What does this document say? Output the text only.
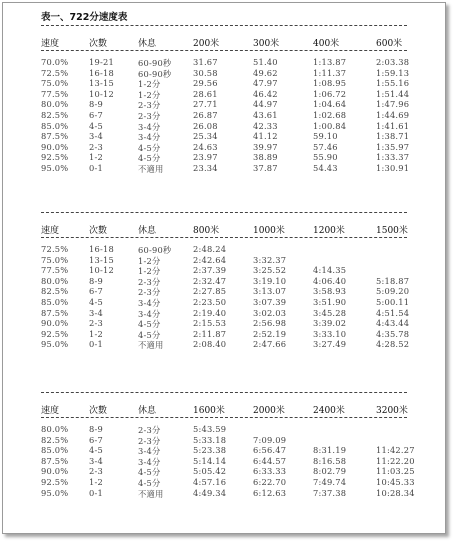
表一、722分速度表
速度	次數	休息	200米	300米	400米	600米
70.0% 19-21	60-90秒	31.67	51.40	1:13.87	2:03.38
72.5% 16-18	60-90秒	30.58	49.62	1:11.37	1:59.13
75.0% 13-15	1-2分	29.56	47.97	1:08.95	1:55.16
77.5% 10-12	1-2分	28.61	46.42	1:06.72	1:51.44
80.0% 8-9	2-3分	27.71	44.97	1:04.64	1:47.96
82.5% 6-7	2-3分	26.87	43.61	1:02.68	1:44.69
85.0% 4-5	3-4分	26.08	42.33	1:00.84	1:41.61
87.5% 3-4	3-4分	25.34	41.12	59.10	1:38.71
90.0% 2-3	4-5分	24.63	39.97	57.46	1:35.97
92.5% 1-2	4-5分	23.97	38.89	55.90	1:33.37
95.0% 0-1	不適用	23.34	37.87	54.43	1:30.91
速度	次數	休息	800米	1000米	1200米	1500米
72.5% 16-18	60-90秒	2:48.24
75.0% 13-15	1-2分	2:42.64	3:32.37
77.5% 10-12	1-2分	2:37.39	3:25.52	4:14.35
80.0% 8-9	2-3分	2:32.47	3:19.10	4:06.40	5:18.87
82.5% 6-7	2-3分	2:27.85	3:13.07	3:58.93	5:09.20
85.0% 4-5	3-4分	2:23.50	3:07.39	3:51.90	5:00.11
87.5% 3-4	3-4分	2:19.40	3:02.03	3:45.28	4:51.54
90.0% 2-3	4-5分	2:15.53	2:56.98	3:39.02	4:43.44
92.5% 1-2	4-5分	2:11.87	2:52.19	3:33.10	4:35.78
95.0% 0-1	不適用	2:08.40	2:47.66	3:27.49	4:28.52
速度	次數	休息	1600米	2000米	2400米	3200米
80.0% 8-9	2-3分	5:43.59
82.5% 6-7	2-3分	5:33.18	7:09.09
85.0% 4-5	3-4分	5:23.38	6:56.47	8:31.19	11:42.27
87.5% 3-4	3-4分	5:14.14	6:44.57	8:16.58	11:22.20
90.0% 2-3	4-5分	5:05.42	6:33.33	8:02.79	11:03.25
92.5% 1-2	4-5分	4:57.16	6:22.70	7:49.74	10:45.33
95.0% 0-1	不適用	4:49.34	6:12.63	7:37.38	10:28.34
